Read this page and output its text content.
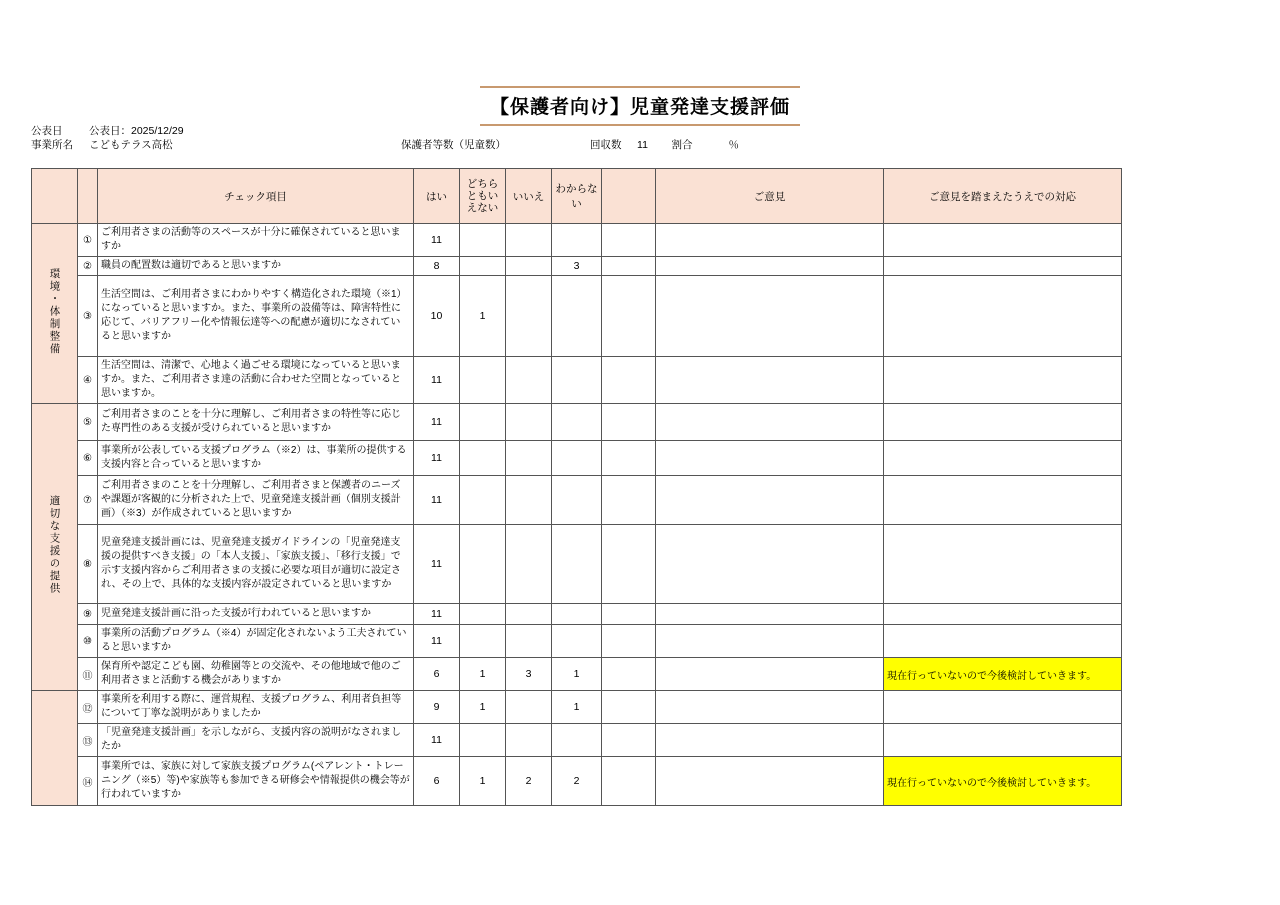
【保護者向け】児童発達支援評価
公表日	公表日：2025/12/29
事業所名	こどもテラス高松	保護者等数（児童数）	回収数	11	割合	％
		チェック項目	はい	どちらともいえない	いいえ	わからない		ご意見	ご意見を踏まえたうえでの対応
環境・体制整備	①	ご利用者さまの活動等のスペースが十分に確保されていると思いますか	11						
	②	職員の配置数は適切であると思いますか	8			3			
	③	生活空間は、ご利用者さまにわかりやすく構造化された環境（※1）になっていると思いますか。また、事業所の設備等は、障害特性に応じて、バリアフリー化や情報伝達等への配慮が適切になされていると思いますか	10	1					
	④	生活空間は、清潔で、心地よく過ごせる環境になっていると思いますか。また、ご利用者さま達の活動に合わせた空間となっていると思いますか。	11						
適切な支援の提供	⑤	ご利用者さまのことを十分に理解し、ご利用者さまの特性等に応じた専門性のある支援が受けられていると思いますか	11						
	⑥	事業所が公表している支援プログラム（※2）は、事業所の提供する支援内容と合っていると思いますか	11						
	⑦	ご利用者さまのことを十分理解し、ご利用者さまと保護者のニーズや課題が客観的に分析された上で、児童発達支援計画（個別支援計画）（※3）が作成されていると思いますか	11						
	⑧	児童発達支援計画には、児童発達支援ガイドラインの「児童発達支援の提供すべき支援」の「本人支援」、「家族支援」、「移行支援」で示す支援内容からご利用者さまの支援に必要な項目が適切に設定され、その上で、具体的な支援内容が設定されていると思いますか	11						
	⑨	児童発達支援計画に沿った支援が行われていると思いますか	11						
	⑩	事業所の活動プログラム（※4）が固定化されないよう工夫されていると思いますか	11						
	⑪	保育所や認定こども園、幼稚園等との交流や、その他地域で他のご利用者さまと活動する機会がありますか	6	1	3	1			現在行っていないので今後検討していきます。
	⑫	事業所を利用する際に、運営規程、支援プログラム、利用者負担等について丁寧な説明がありましたか	9	1		1			
	⑬	「児童発達支援計画」を示しながら、支援内容の説明がなされましたか	11						
	⑭	事業所では、家族に対して家族支援プログラム(ペアレント・トレーニング（※5）等)や家族等も参加できる研修会や情報提供の機会等が行われていますか	6	1	2	2			現在行っていないので今後検討していきます。
